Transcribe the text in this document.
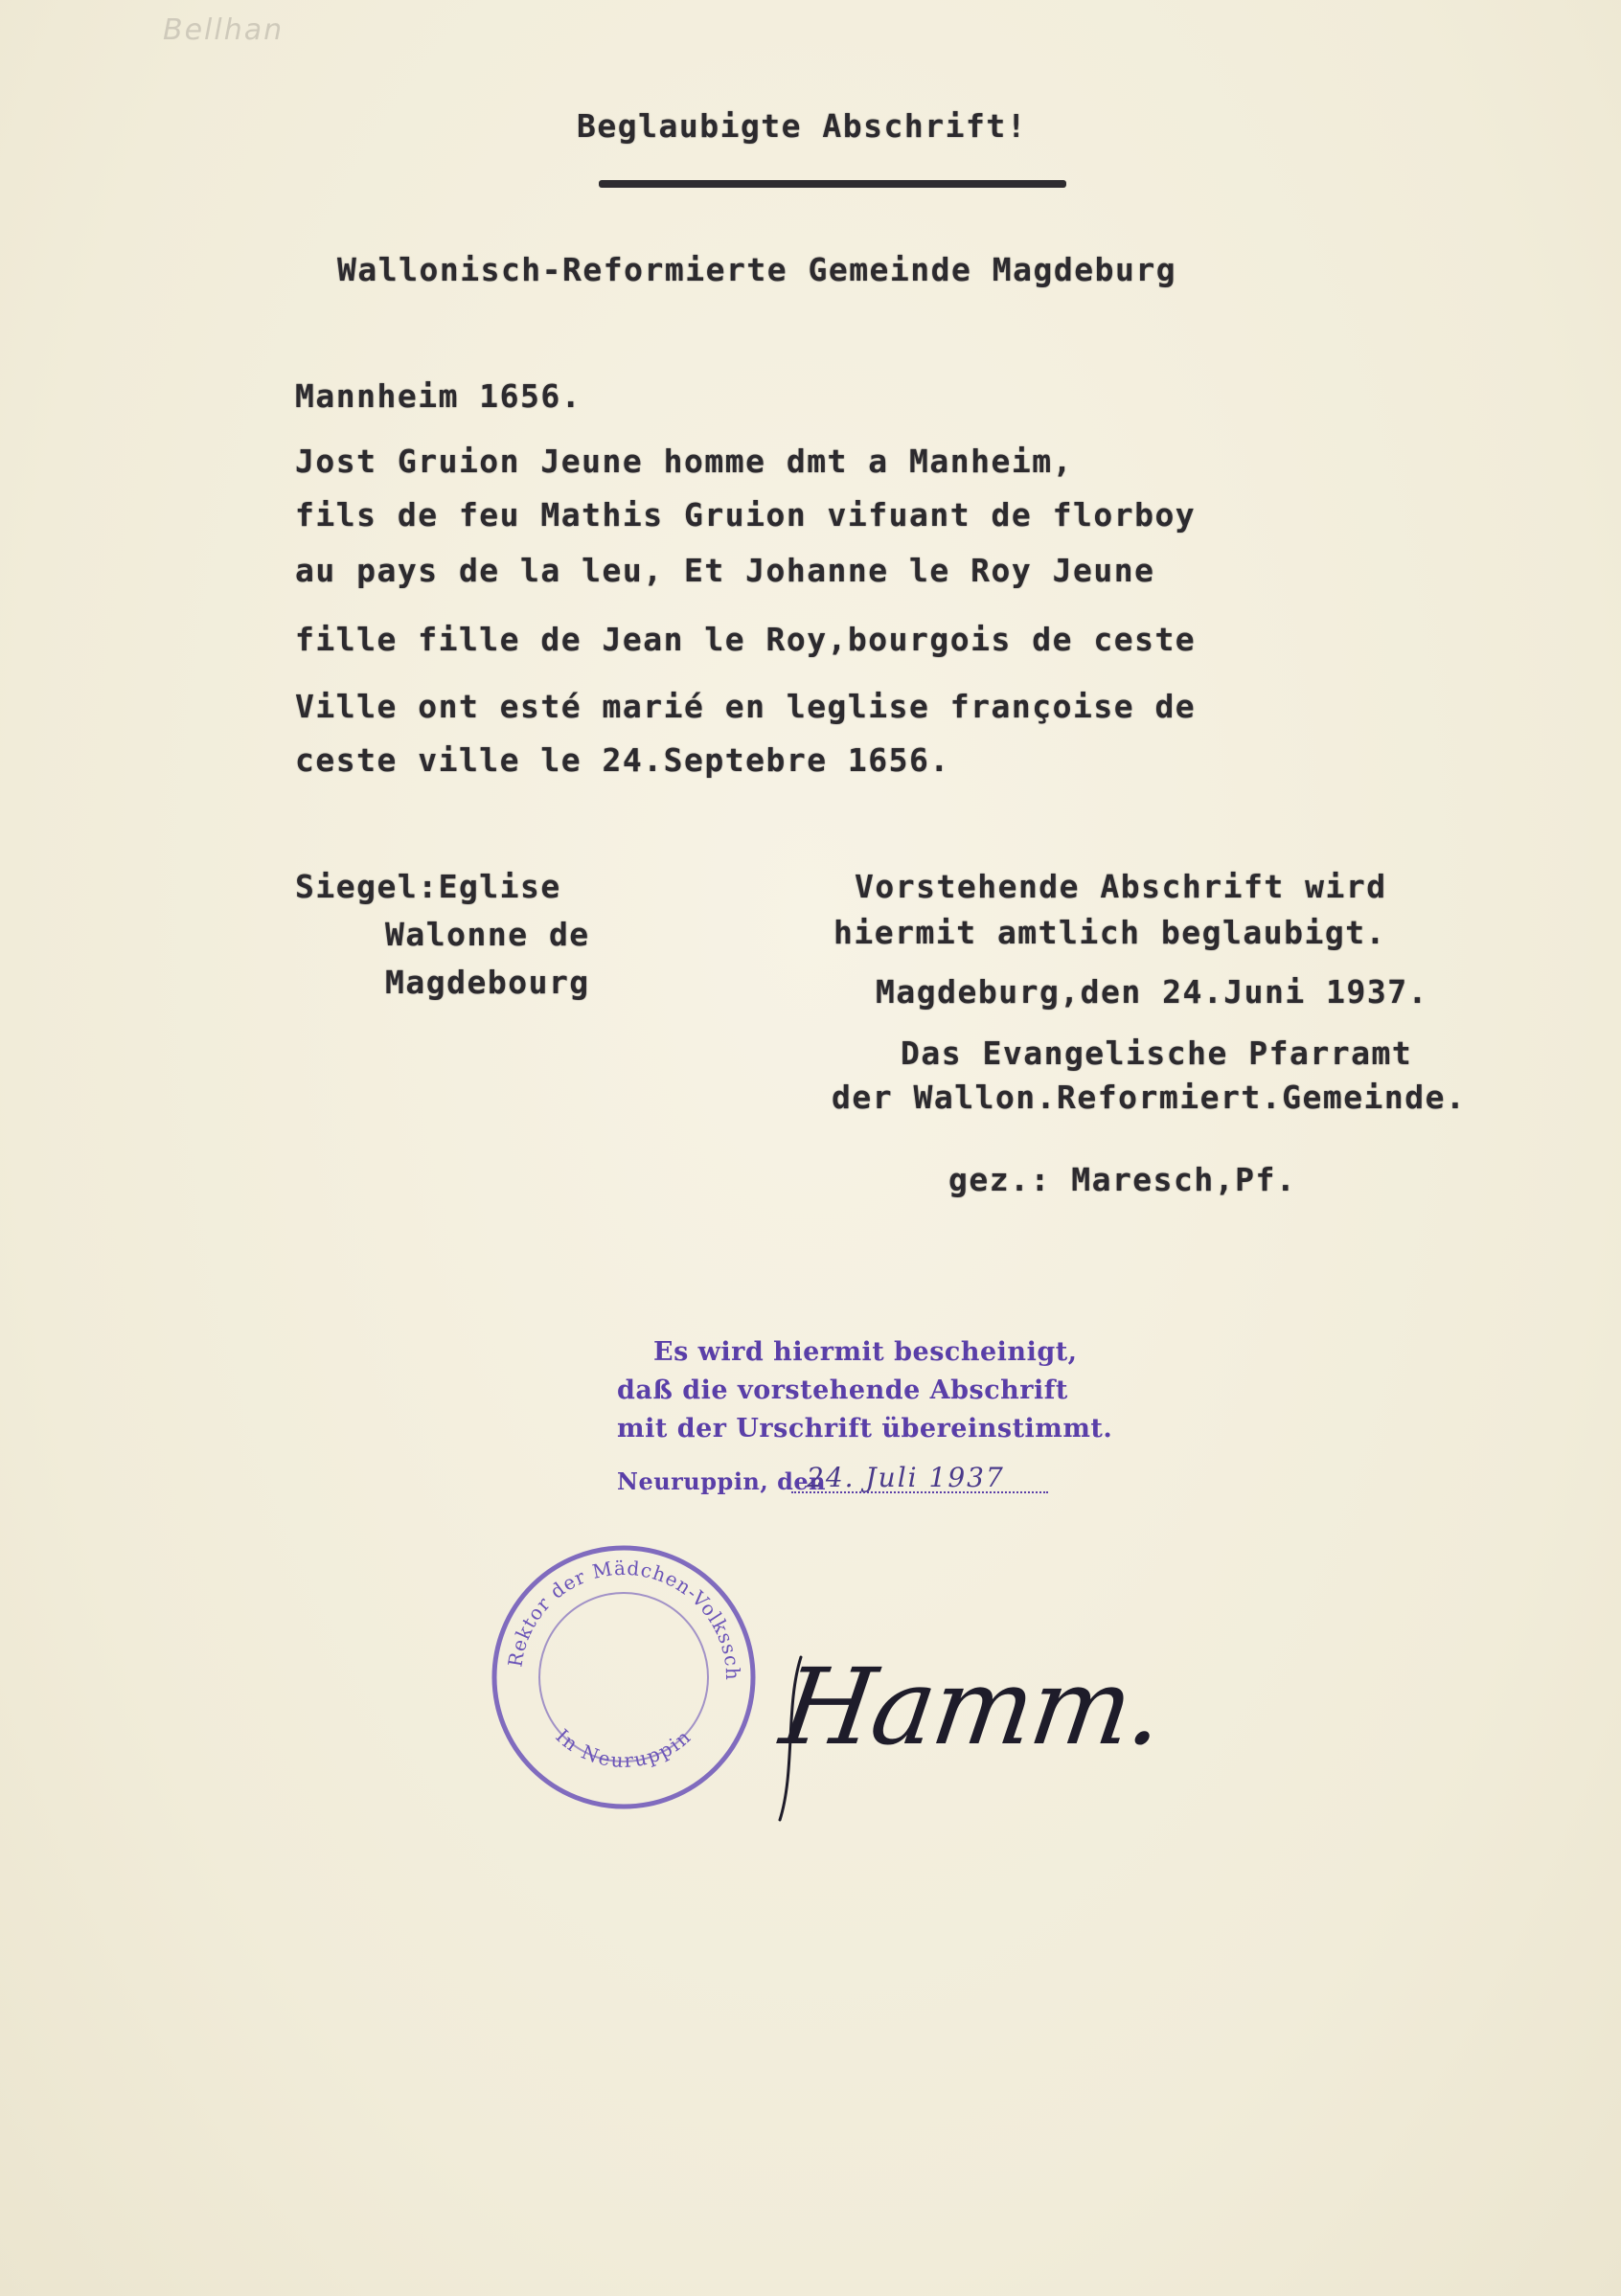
Bellhan
Beglaubigte Abschrift!
Wallonisch-Reformierte Gemeinde Magdeburg
Mannheim 1656.
Jost Gruion Jeune homme dmt a Manheim,
fils de feu Mathis Gruion vifuant de florboy
au pays de la leu, Et Johanne le Roy Jeune
fille fille de Jean le Roy,bourgois de ceste
Ville ont esté marié en leglise françoise de
ceste ville le 24.Septebre 1656.
Siegel:Eglise
Walonne de
Magdebourg
Vorstehende Abschrift wird
hiermit amtlich beglaubigt.
Magdeburg,den 24.Juni 1937.
Das Evangelische Pfarramt
der Wallon.Reformiert.Gemeinde.
gez.: Maresch,Pf.
Es wird hiermit bescheinigt,
daß die vorstehende Abschrift
mit der Urschrift übereinstimmt.
Neuruppin, den
24. Juli 1937
Der Rektor der Mädchen-Volksschule
In Neuruppin Hamm.
